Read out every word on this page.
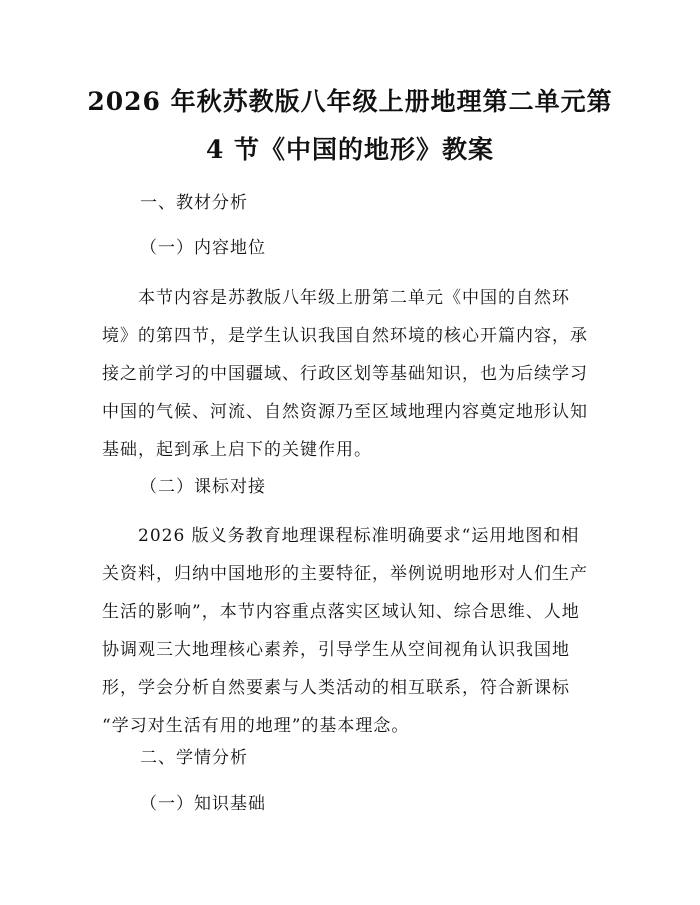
2026 年秋苏教版八年级上册地理第二单元第
4 节《中国的地形》教案
一、教材分析
（一）内容地位
本节内容是苏教版八年级上册第二单元《中国的自然环
境》的第四节，是学生认识我国自然环境的核心开篇内容，承
接之前学习的中国疆域、行政区划等基础知识，也为后续学习
中国的气候、河流、自然资源乃至区域地理内容奠定地形认知
基础，起到承上启下的关键作用。
（二）课标对接
2026 版义务教育地理课程标准明确要求“运用地图和相
关资料，归纳中国地形的主要特征，举例说明地形对人们生产
生活的影响”，本节内容重点落实区域认知、综合思维、人地
协调观三大地理核心素养，引导学生从空间视角认识我国地
形，学会分析自然要素与人类活动的相互联系，符合新课标
“学习对生活有用的地理”的基本理念。
二、学情分析
（一）知识基础
